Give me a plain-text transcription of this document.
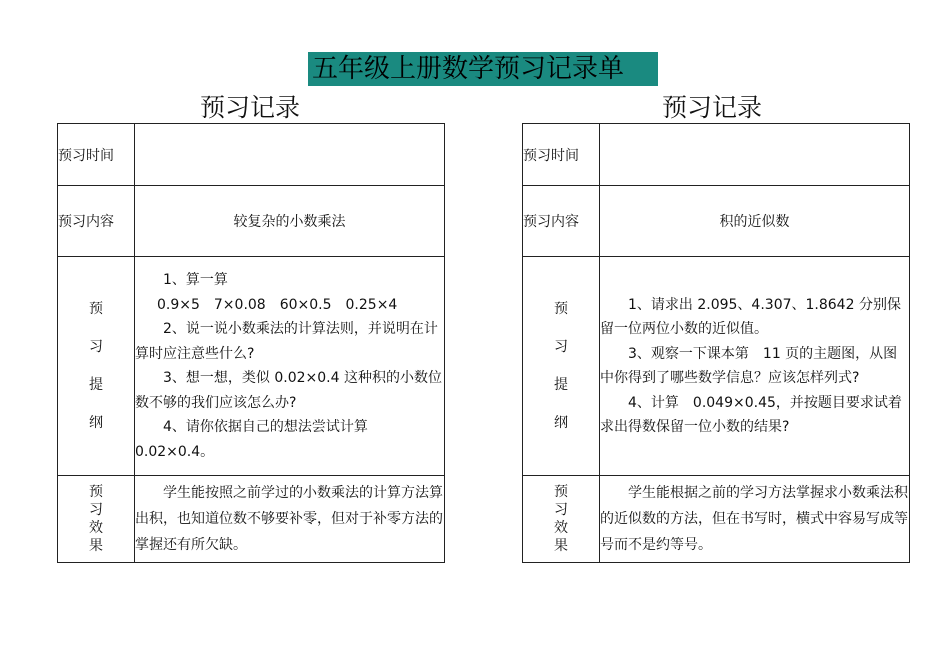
五年级上册数学预习记录单
预习记录
预习时间	
预习内容	较复杂的小数乘法

预
习
提
纲	1、算一算
0.9×5　7×0.08　60×0.5　0.25×4
2、说一说小数乘法的计算法则，并说明在计算时应注意些什么?
3、想一想，类似 0.02×0.4 这种积的小数位数不够的我们应该怎么办?
4、请你依据自己的想法尝试计算　　0.02×0.4。

预
习
效
果	学生能按照之前学过的小数乘法的计算方法算出积，也知道位数不够要补零，但对于补零方法的掌握还有所欠缺。
预习记录
预习时间	
预习内容	积的近似数

预
习
提
纲	1、请求出 2.095、4.307、1.8642 分别保留一位两位小数的近似值。
3、观察一下课本第　11 页的主题图，从图中你得到了哪些数学信息？应该怎样列式?
4、计算　0.049×0.45，并按题目要求试着求出得数保留一位小数的结果?

预
习
效
果	学生能根据之前的学习方法掌握求小数乘法积的近似数的方法，但在书写时，横式中容易写成等号而不是约等号。
